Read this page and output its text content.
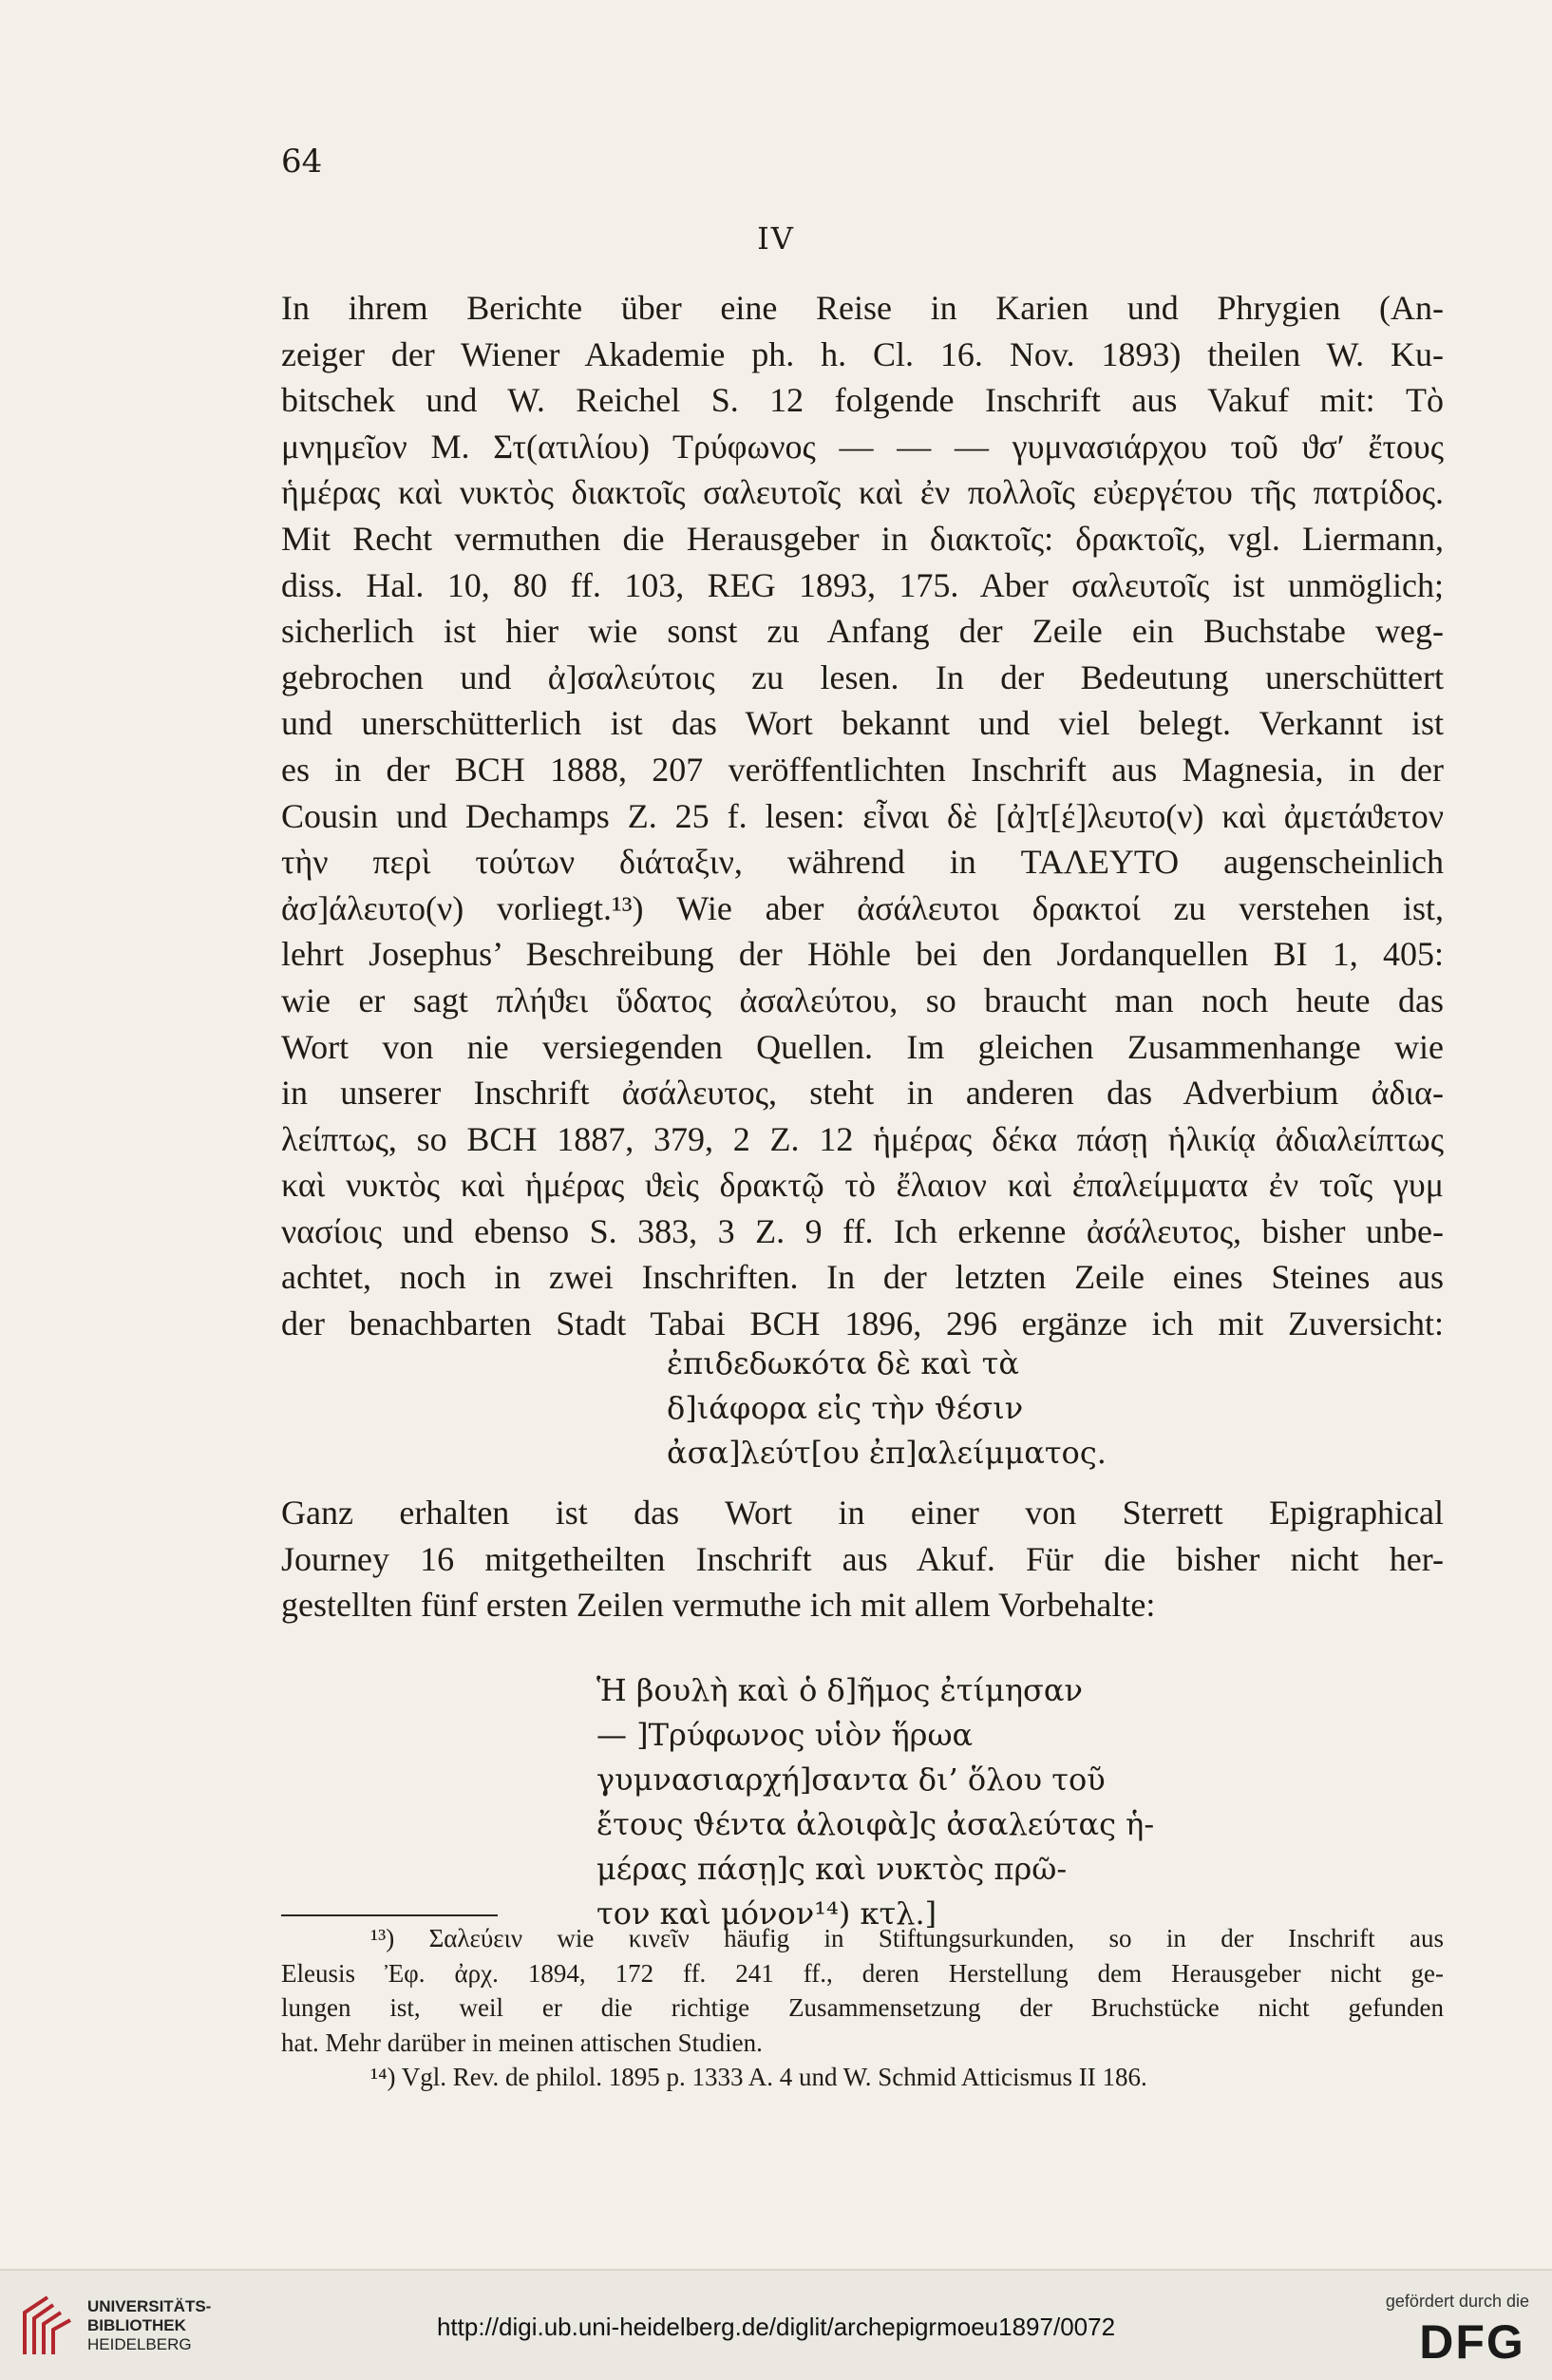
64
IV

In ihrem Berichte über eine Reise in Karien und Phrygien (An-
zeiger der Wiener Akademie ph. h. Cl. 16. Nov. 1893) theilen W. Ku-
bitschek und W. Reichel S. 12 folgende Inschrift aus Vakuf mit: Τὸ
μνημεῖον Μ. Στ(ατιλίου) Τρύφωνος — — — γυμνασιάρχου τοῦ ϑσʹ ἔτους
ἡμέρας καὶ νυκτὸς διακτοῖς σαλευτοῖς καὶ ἐν πολλοῖς εὐεργέτου τῆς πατρίδος.
Mit Recht vermuthen die Herausgeber in διακτοῖς: δρακτοῖς, vgl. Liermann,
diss. Hal. 10, 80 ff. 103, REG 1893, 175. Aber σαλευτοῖς ist unmöglich;
sicherlich ist hier wie sonst zu Anfang der Zeile ein Buchstabe weg-
gebrochen und ἀ]σαλεύτοις zu lesen. In der Bedeutung unerschüttert
und unerschütterlich ist das Wort bekannt und viel belegt. Verkannt ist
es in der BCH 1888, 207 veröffentlichten Inschrift aus Magnesia, in der
Cousin und Dechamps Z. 25 f. lesen: εἶναι δὲ [ἀ]τ[έ]λευτο(ν) καὶ ἀμετάϑετον
τὴν περὶ τούτων διάταξιν, während in ΤΑΛΕΥΤΟ augenscheinlich
ἀσ]άλευτο(ν) vorliegt.¹³) Wie aber ἀσάλευτοι δρακτοί zu verstehen ist,
lehrt Josephus’ Beschreibung der Höhle bei den Jordanquellen BI 1, 405:
wie er sagt πλήϑει ὕδατος ἀσαλεύτου, so braucht man noch heute das
Wort von nie versiegenden Quellen. Im gleichen Zusammenhange wie
in unserer Inschrift ἀσάλευτος, steht in anderen das Adverbium ἀδια-
λείπτως, so BCH 1887, 379, 2 Z. 12 ἡμέρας δέκα πάσῃ ἡλικίᾳ ἀδιαλείπτως
καὶ νυκτὸς καὶ ἡμέρας ϑεὶς δρακτῷ τὸ ἔλαιον καὶ ἐπαλείμματα ἐν τοῖς γυμ
νασίοις und ebenso S. 383, 3 Z. 9 ff. Ich erkenne ἀσάλευτος, bisher unbe-
achtet, noch in zwei Inschriften. In der letzten Zeile eines Steines aus
der benachbarten Stadt Tabai BCH 1896, 296 ergänze ich mit Zuversicht:

ἐπιδεδωκότα δὲ καὶ τὰ
δ]ιάφορα εἰς τὴν ϑέσιν
ἀσα]λεύτ[ου ἐπ]αλείμματος.

Ganz erhalten ist das Wort in einer von Sterrett Epigraphical
Journey 16 mitgetheilten Inschrift aus Akuf. Für die bisher nicht her-
gestellten fünf ersten Zeilen vermuthe ich mit allem Vorbehalte:

Ἡ βουλὴ καὶ ὁ δ]ῆμος ἐτίμησαν
— ]Τρύφωνος υἱὸν ἥρωα
γυμνασιαρχή]σαντα δι’ ὅλου τοῦ
ἔτους ϑέντα ἀλοιφὰ]ς ἀσαλεύτας ἡ-
μέρας πάσῃ]ς καὶ νυκτὸς πρῶ-
τον καὶ μόνον¹⁴) κτλ.]

¹³) Σαλεύειν wie κινεῖν häufig in Stiftungsurkunden, so in der Inschrift aus
Eleusis Ἐφ. ἀρχ. 1894, 172 ff. 241 ff., deren Herstellung dem Herausgeber nicht ge-
lungen ist, weil er die richtige Zusammensetzung der Bruchstücke nicht gefunden
hat. Mehr darüber in meinen attischen Studien.

¹⁴) Vgl. Rev. de philol. 1895 p. 1333 A. 4 und W. Schmid Atticismus II 186.

UNIVERSITÄTS-
BIBLIOTHEK
HEIDELBERG
http://digi.ub.uni-heidelberg.de/diglit/archepigrmoeu1897/0072
gefördert durch die
DFG
